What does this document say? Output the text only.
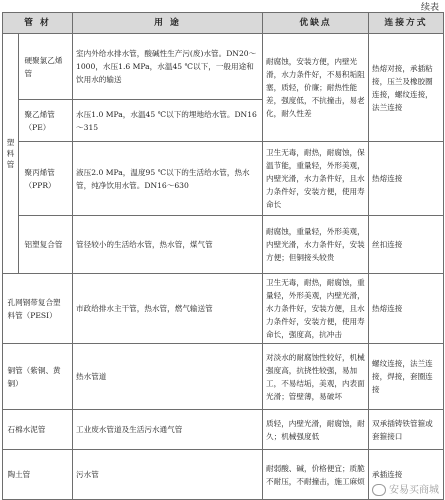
续表
管 材		用 途	优缺点	连接方式
塑料管	硬聚氯乙烯管	室内外给水排水管，酸碱性生产污(废)水管。DN20～1000，水压1.6 MPa，水温45 ℃以下，一般用途和饮用水的输送	耐腐蚀，安装方便，内壁光滑，水力条件好，不易积垢阻塞，质轻，价廉；耐热性能差，强度低，不抗撞击，易老化，耐久性差	热熔对接，承插粘接，压兰及橡胶圈连接，螺纹连接，法兰连接
	聚乙烯管（PE）	水压1.0 MPa，水温45 ℃以下的埋地给水管。DN16～315		
	聚丙烯管（PPR）	液压2.0 MPa，温度95 ℃以下的生活给水管，热水管，纯净饮用水管。DN16～630	卫生无毒，耐热，耐腐蚀，保温节能，重量轻，外形美观，内壁光滑，水力条件好，且水力条件好，安装方便，使用寿命长	热熔连接
	铝塑复合管	管径较小的生活给水管，热水管，煤气管	耐腐蚀，重量轻，外形美观，内壁光滑，水力条件好，安装方便；但铜接头较贵	丝扣连接
孔网钢带复合塑料管（PESI）		市政给排水主干管，热水管，燃气输送管	卫生无毒，耐热，耐腐蚀，重量轻，外形美观，内壁光滑，水力条件好，安装方便，且水力条件好，安装方便，使用寿命长，强度高，抗冲击	热熔连接
铜管（紫铜、黄铜）		热水管道	对淡水的耐腐蚀性较好，机械强度高，抗挠性较强，易加工，不易结垢，美观，内表面光滑；管壁薄，易破坏	螺纹连接，法兰连接，焊接，套圈连接
石棉水泥管		工业废水管道及生活污水通气管	质轻，内壁光滑，耐腐蚀，耐久；机械强度低	双承插铸铁管箍或套箍接口
陶土管		污水管	耐弱酸、碱，价格便宜；质脆不耐压，不耐撞击，施工麻烦	承插连接
安易买商城
